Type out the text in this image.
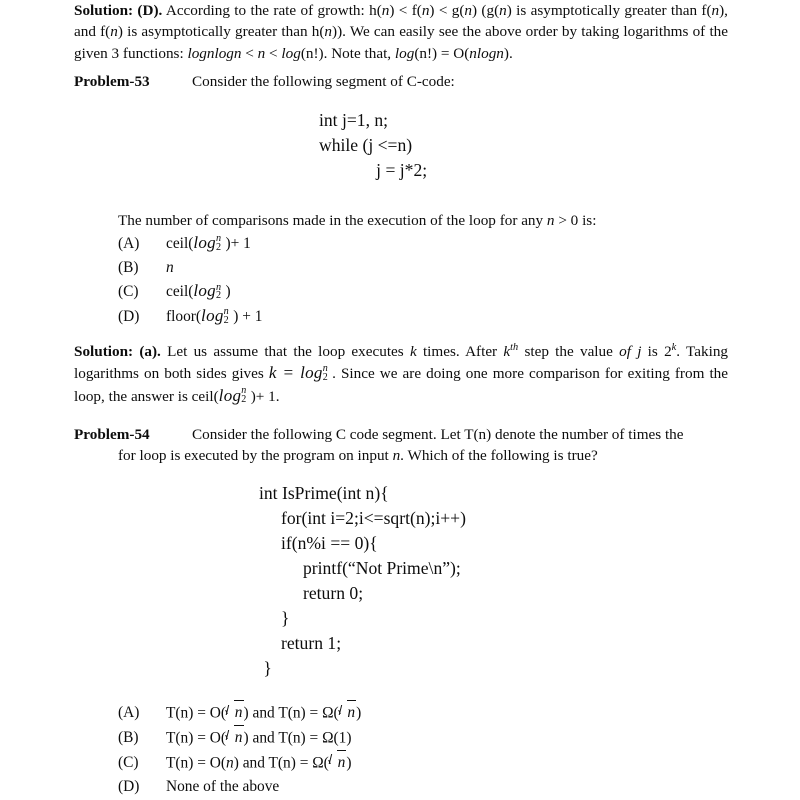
Solution: (D). According to the rate of growth: h(n) < f(n) < g(n) (g(n) is asymptotically greater than f(n), and f(n) is asymptotically greater than h(n)). We can easily see the above order by taking logarithms of the given 3 functions: lognlogn < n < log(n!). Note that, log(n!) = O(nlogn).

Problem-53	Consider the following segment of C-code:
int j=1, n;
while (j <=n)
j = j*2;

The number of comparisons made in the execution of the loop for any n > 0 is:

(A)	ceil(log n
2 )+ 1
(B)	n
(C)	ceil(log n
2 )
(D)	floor(log n
2 ) + 1

Solution: (a). Let us assume that the loop executes k times. After $k^{th}$ step the value of j is 2$^k$. Taking logarithms on both sides gives k = log n
2 . Since we are doing one more comparison for exiting from the loop, the answer is ceil(log n
2 )+ 1.

Problem-54	Consider the following C code segment. Let T(n) denote the number of times the
for loop is executed by the program on input n. Which of the following is true?
int IsPrime(int n){
for(int i=2;i<=sqrt(n);i++)
if(n%i == 0){
printf(“Not Prime\n”);
return 0;
}
return 1;
}
(A)	T(n) = O( n) and T(n) = Ω( n)
(B)	T(n) = O( n) and T(n) = Ω(1)
(C)	T(n) = O(n) and T(n) = Ω( n)
(D)	None of the above
